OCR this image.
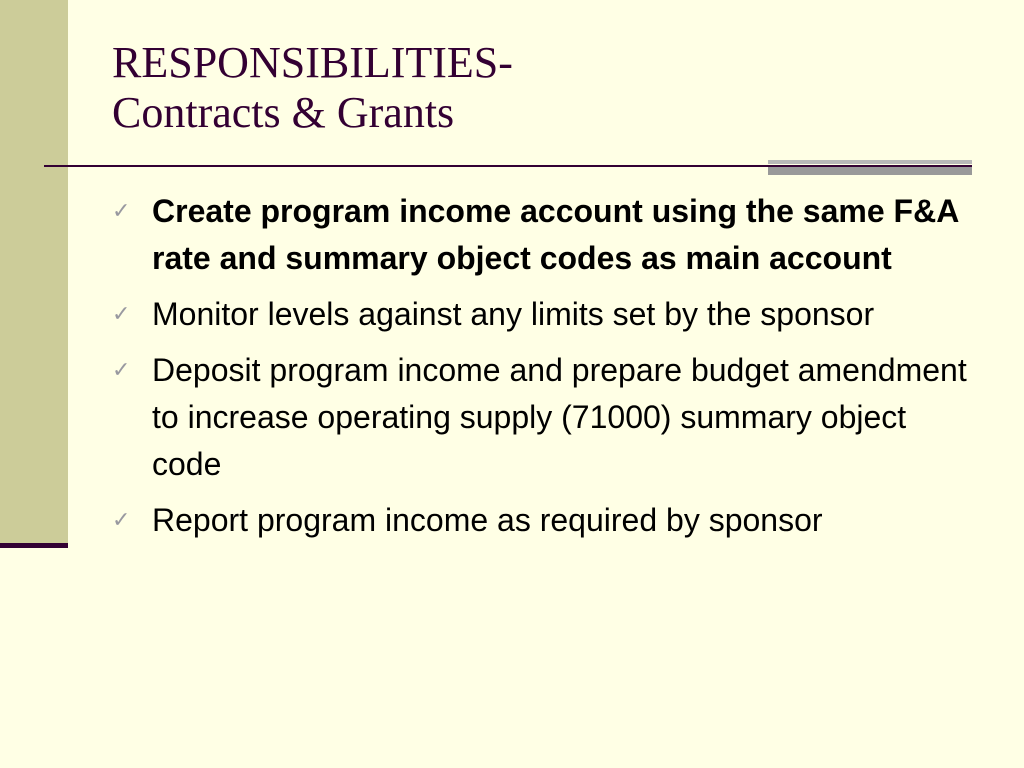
RESPONSIBILITIES-
Contracts & Grants
✓ Create program income account using the same F&A rate and summary object codes as main account
✓ Monitor levels against any limits set by the sponsor
✓ Deposit program income and prepare budget amendment to increase operating supply (71000) summary object code
✓ Report program income as required by sponsor
